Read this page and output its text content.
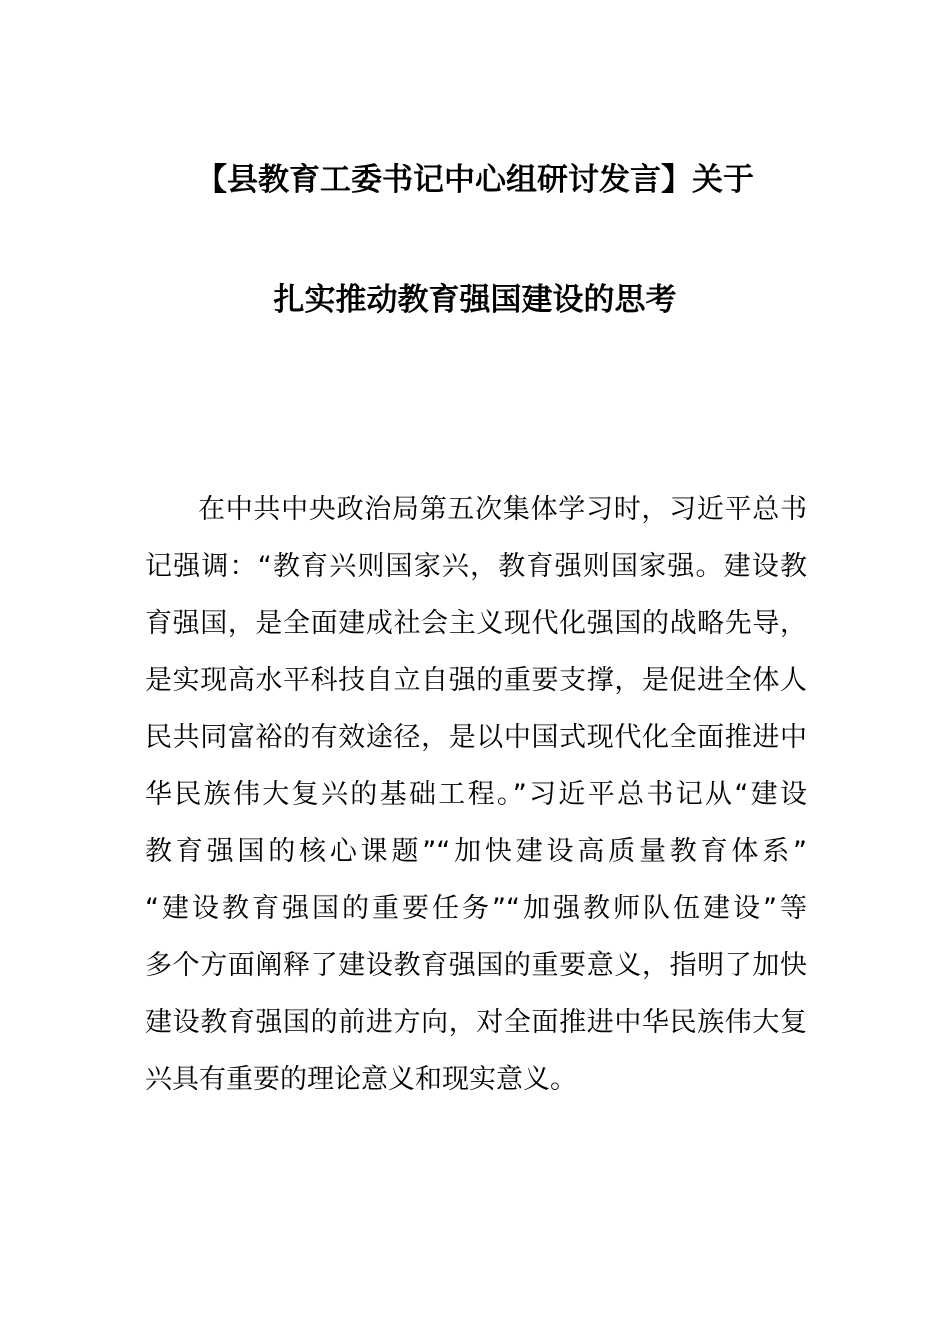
【县教育工委书记中心组研讨发言】关于
扎实推动教育强国建设的思考
在中共中央政治局第五次集体学习时，习近平总书
记强调：“教育兴则国家兴，教育强则国家强。建设教
育强国，是全面建成社会主义现代化强国的战略先导，
是实现高水平科技自立自强的重要支撑，是促进全体人
民共同富裕的有效途径，是以中国式现代化全面推进中
华民族伟大复兴的基础工程。”习近平总书记从“建设
教育强国的核心课题”“加快建设高质量教育体系”
“建设教育强国的重要任务”“加强教师队伍建设”等
多个方面阐释了建设教育强国的重要意义，指明了加快
建设教育强国的前进方向，对全面推进中华民族伟大复
兴具有重要的理论意义和现实意义。
